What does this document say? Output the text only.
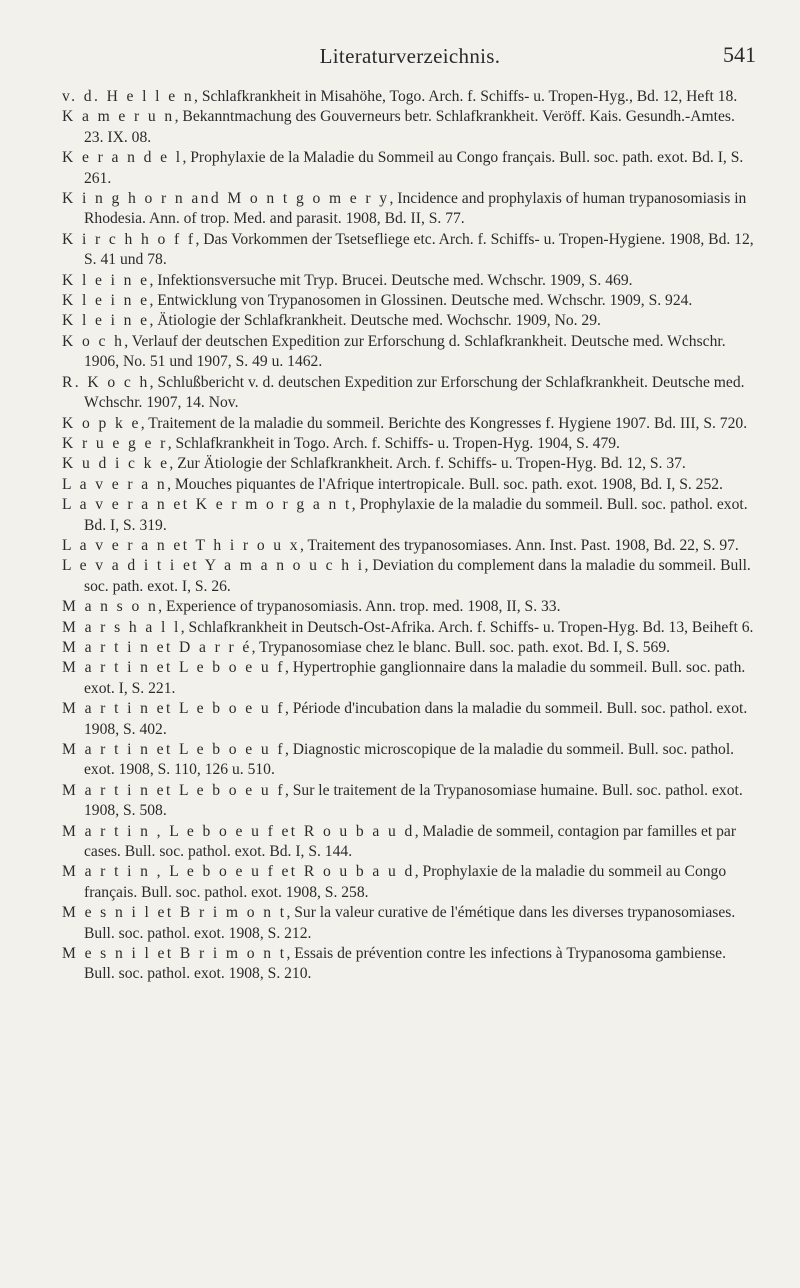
Literaturverzeichnis.	541

v. d. H e l l e n, Schlafkrankheit in Misahöhe, Togo. Arch. f. Schiffs- u. Tropen-Hyg., Bd. 12, Heft 18.

K a m e r u n, Bekanntmachung des Gouverneurs betr. Schlafkrankheit. Veröff. Kais. Gesundh.-Amtes. 23. IX. 08.

K e r a n d e l, Prophylaxie de la Maladie du Sommeil au Congo français. Bull. soc. path. exot. Bd. I, S. 261.

K i n g h o r n and M o n t g o m e r y, Incidence and prophylaxis of human trypanosomiasis in Rhodesia. Ann. of trop. Med. and parasit. 1908, Bd. II, S. 77.

K i r c h h o f f, Das Vorkommen der Tsetsefliege etc. Arch. f. Schiffs- u. Tropen-Hygiene. 1908, Bd. 12, S. 41 und 78.

K l e i n e, Infektionsversuche mit Tryp. Brucei. Deutsche med. Wchschr. 1909, S. 469.

K l e i n e, Entwicklung von Trypanosomen in Glossinen. Deutsche med. Wchschr. 1909, S. 924.

K l e i n e, Ätiologie der Schlafkrankheit. Deutsche med. Wochschr. 1909, No. 29.

K o c h, Verlauf der deutschen Expedition zur Erforschung d. Schlafkrankheit. Deutsche med. Wchschr. 1906, No. 51 und 1907, S. 49 u. 1462.

R. K o c h, Schlußbericht v. d. deutschen Expedition zur Erforschung der Schlafkrankheit. Deutsche med. Wchschr. 1907, 14. Nov.

K o p k e, Traitement de la maladie du sommeil. Berichte des Kongresses f. Hygiene 1907. Bd. III, S. 720.

K r u e g e r, Schlafkrankheit in Togo. Arch. f. Schiffs- u. Tropen-Hyg. 1904, S. 479.

K u d i c k e, Zur Ätiologie der Schlafkrankheit. Arch. f. Schiffs- u. Tropen-Hyg. Bd. 12, S. 37.

L a v e r a n, Mouches piquantes de l'Afrique intertropicale. Bull. soc. path. exot. 1908, Bd. I, S. 252.

L a v e r a n et K e r m o r g a n t, Prophylaxie de la maladie du sommeil. Bull. soc. pathol. exot. Bd. I, S. 319.

L a v e r a n et T h i r o u x, Traitement des trypanosomiases. Ann. Inst. Past. 1908, Bd. 22, S. 97.

L e v a d i t i et Y a m a n o u c h i, Deviation du complement dans la maladie du sommeil. Bull. soc. path. exot. I, S. 26.

M a n s o n, Experience of trypanosomiasis. Ann. trop. med. 1908, II, S. 33.

M a r s h a l l, Schlafkrankheit in Deutsch-Ost-Afrika. Arch. f. Schiffs- u. Tropen-Hyg. Bd. 13, Beiheft 6.

M a r t i n et D a r r é, Trypanosomiase chez le blanc. Bull. soc. path. exot. Bd. I, S. 569.

M a r t i n et L e b o e u f, Hypertrophie ganglionnaire dans la maladie du sommeil. Bull. soc. path. exot. I, S. 221.

M a r t i n et L e b o e u f, Période d'incubation dans la maladie du sommeil. Bull. soc. pathol. exot. 1908, S. 402.

M a r t i n et L e b o e u f, Diagnostic microscopique de la maladie du sommeil. Bull. soc. pathol. exot. 1908, S. 110, 126 u. 510.

M a r t i n et L e b o e u f, Sur le traitement de la Trypanosomiase humaine. Bull. soc. pathol. exot. 1908, S. 508.

M a r t i n , L e b o e u f et R o u b a u d, Maladie de sommeil, contagion par familles et par cases. Bull. soc. pathol. exot. Bd. I, S. 144.

M a r t i n , L e b o e u f et R o u b a u d, Prophylaxie de la maladie du sommeil au Congo français. Bull. soc. pathol. exot. 1908, S. 258.

M e s n i l et B r i m o n t, Sur la valeur curative de l'émétique dans les diverses trypanosomiases. Bull. soc. pathol. exot. 1908, S. 212.

M e s n i l et B r i m o n t, Essais de prévention contre les infections à Trypanosoma gambiense. Bull. soc. pathol. exot. 1908, S. 210.
